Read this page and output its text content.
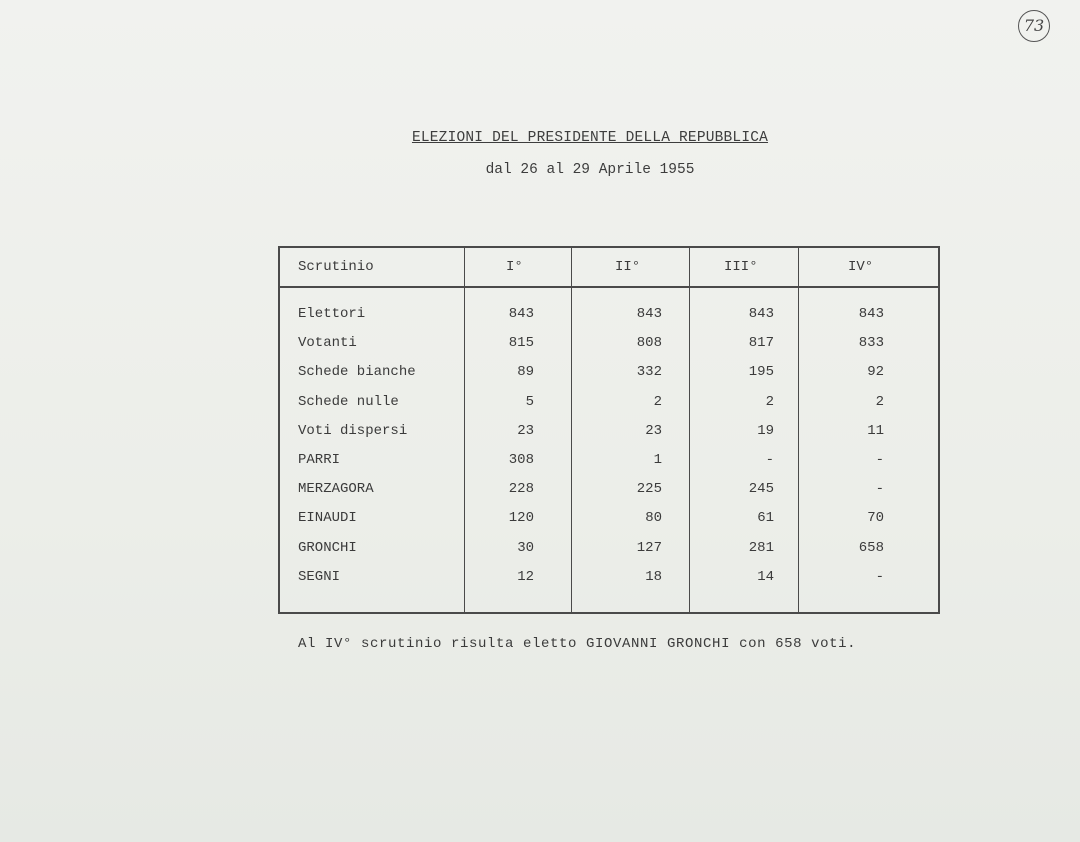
73
ELEZIONI DEL PRESIDENTE DELLA REPUBBLICA
dal 26 al 29 Aprile 1955
Scrutinio	I°	II°	III°	IV°
Elettori	843	843	843	843
Votanti	815	808	817	833
Schede bianche	89	332	195	92
Schede nulle	5	2	2	2
Voti dispersi	23	23	19	11
PARRI	308	1	-	-
MERZAGORA	228	225	245	-
EINAUDI	120	80	61	70
GRONCHI	30	127	281	658
SEGNI	12	18	14	-
Al IV° scrutinio risulta eletto GIOVANNI GRONCHI con 658 voti.
